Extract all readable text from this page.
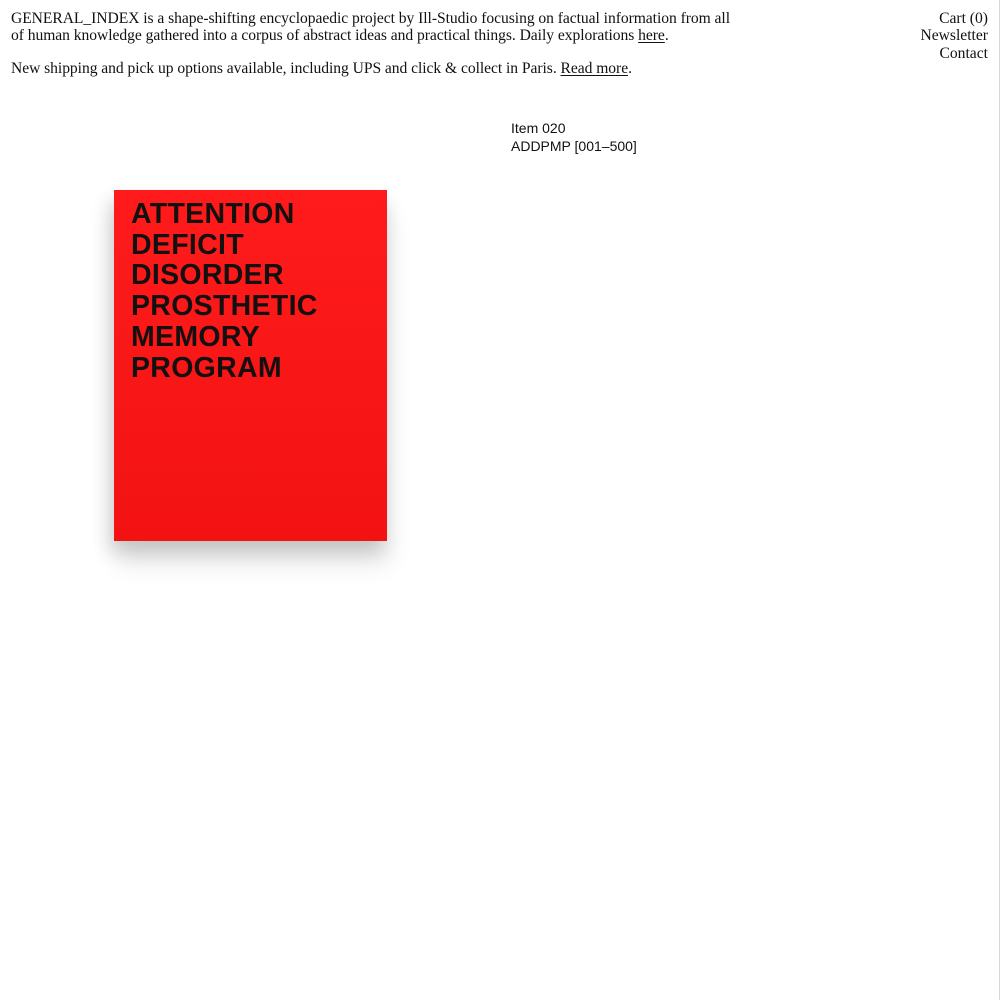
GENERAL_INDEX is a shape-shifting encyclopaedic project by Ill-Studio focusing on factual information from all of human knowledge gathered into a corpus of abstract ideas and practical things. Daily explorations here.

New shipping and pick up options available, including UPS and click & collect in Paris. Read more.

Cart (0)
Newsletter
Contact
Item 020
ADDPMP [001–500]
ATTENTION
DEFICIT
DISORDER
PROSTHETIC
MEMORY
PROGRAM
